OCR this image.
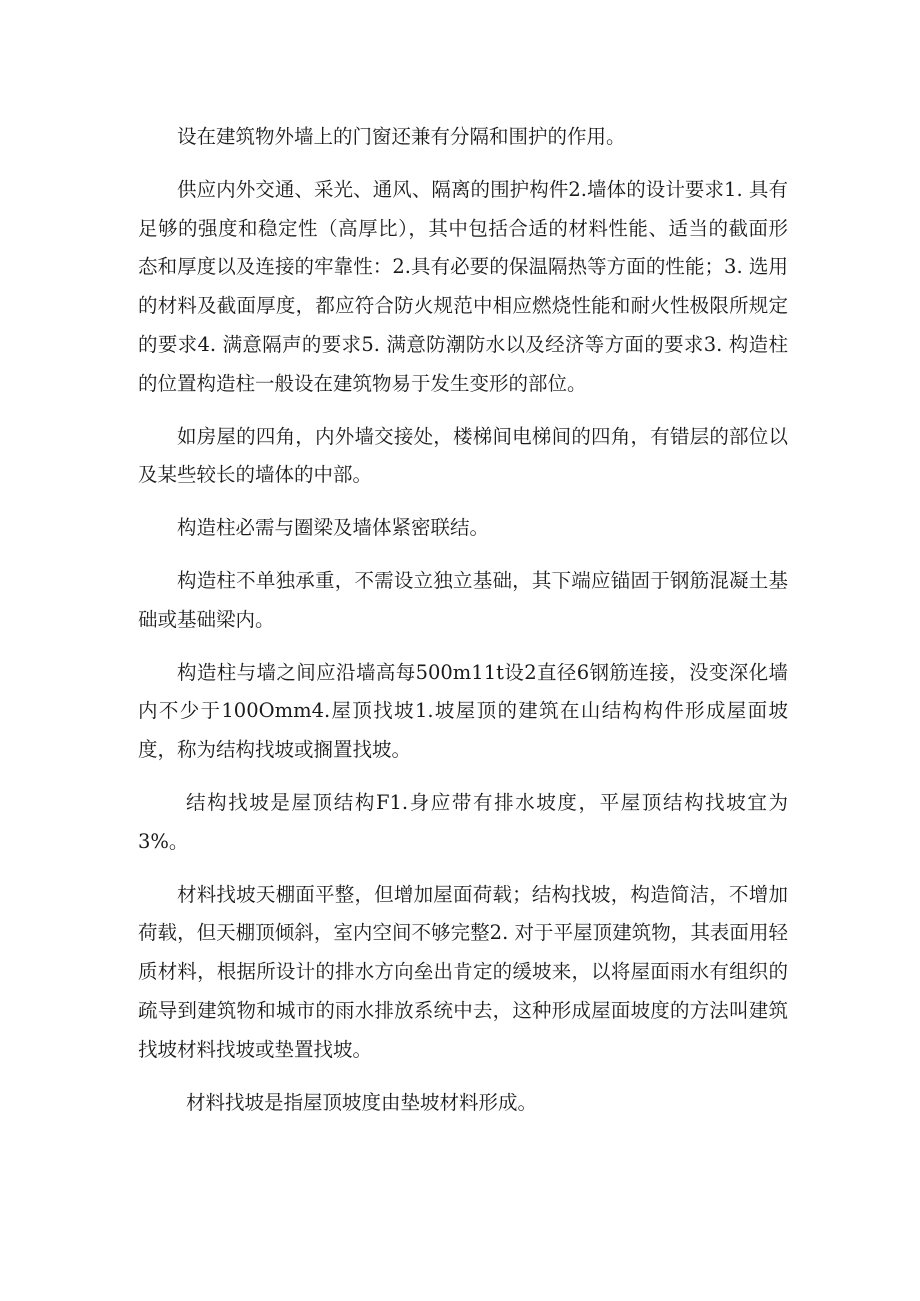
设在建筑物外墙上的门窗还兼有分隔和围护的作用。

供应内外交通、采光、通风、隔离的围护构件2.墙体的设计要求1. 具有足够的强度和稳定性（高厚比），其中包括合适的材料性能、适当的截面形态和厚度以及连接的牢靠性：2.具有必要的保温隔热等方面的性能；3. 选用的材料及截面厚度，都应符合防火规范中相应燃烧性能和耐火性极限所规定的要求4. 满意隔声的要求5. 满意防潮防水以及经济等方面的要求3. 构造柱的位置构造柱一般设在建筑物易于发生变形的部位。

如房屋的四角，内外墙交接处，楼梯间电梯间的四角，有错层的部位以及某些较长的墙体的中部。

构造柱必需与圈梁及墙体紧密联结。

构造柱不单独承重，不需设立独立基础，其下端应锚固于钢筋混凝土基础或基础梁内。

构造柱与墙之间应沿墙高每500m11t设2直径6钢筋连接，没变深化墙内不少于100Omm4.屋顶找坡1.坡屋顶的建筑在山结构构件形成屋面坡度，称为结构找坡或搁置找坡。

结构找坡是屋顶结构F1.身应带有排水坡度，平屋顶结构找坡宜为3%。

材料找坡天棚面平整，但增加屋面荷载；结构找坡，构造简洁，不增加荷载，但天棚顶倾斜，室内空间不够完整2. 对于平屋顶建筑物，其表面用轻质材料，根据所设计的排水方向垒出肯定的缓坡来，以将屋面雨水有组织的疏导到建筑物和城市的雨水排放系统中去，这种形成屋面坡度的方法叫建筑找坡材料找坡或垫置找坡。

材料找坡是指屋顶坡度由垫坡材料形成。
